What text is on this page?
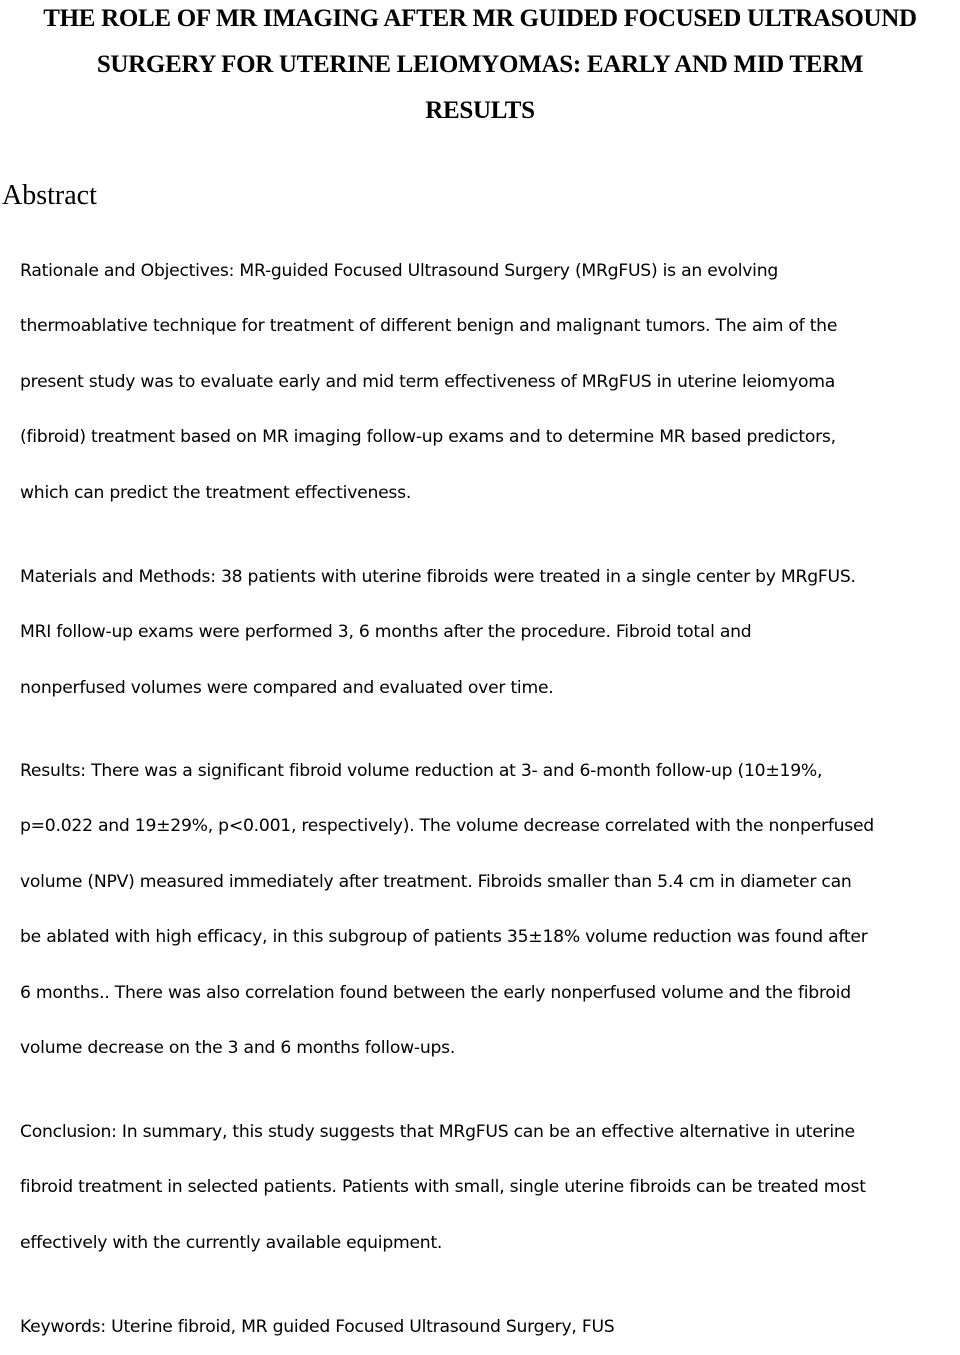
THE ROLE OF MR IMAGING AFTER MR GUIDED FOCUSED ULTRASOUND
SURGERY FOR UTERINE LEIOMYOMAS: EARLY AND MID TERM
RESULTS
Abstract

Rationale and Objectives: MR-guided Focused Ultrasound Surgery (MRgFUS) is an evolving
thermoablative technique for treatment of different benign and malignant tumors. The aim of the
present study was to evaluate early and mid term effectiveness of MRgFUS in uterine leiomyoma
(fibroid) treatment based on MR imaging follow-up exams and to determine MR based predictors,
which can predict the treatment effectiveness.

Materials and Methods: 38 patients with uterine fibroids were treated in a single center by MRgFUS.
MRI follow-up exams were performed 3, 6 months after the procedure. Fibroid total and
nonperfused volumes were compared and evaluated over time.

Results: There was a significant fibroid volume reduction at 3- and 6-month follow-up (10±19%,
p=0.022 and 19±29%, p<0.001, respectively). The volume decrease correlated with the nonperfused
volume (NPV) measured immediately after treatment. Fibroids smaller than 5.4 cm in diameter can
be ablated with high efficacy, in this subgroup of patients 35±18% volume reduction was found after
6 months.. There was also correlation found between the early nonperfused volume and the fibroid
volume decrease on the 3 and 6 months follow-ups.

Conclusion: In summary, this study suggests that MRgFUS can be an effective alternative in uterine
fibroid treatment in selected patients. Patients with small, single uterine fibroids can be treated most
effectively with the currently available equipment.

Keywords: Uterine fibroid, MR guided Focused Ultrasound Surgery, FUS
